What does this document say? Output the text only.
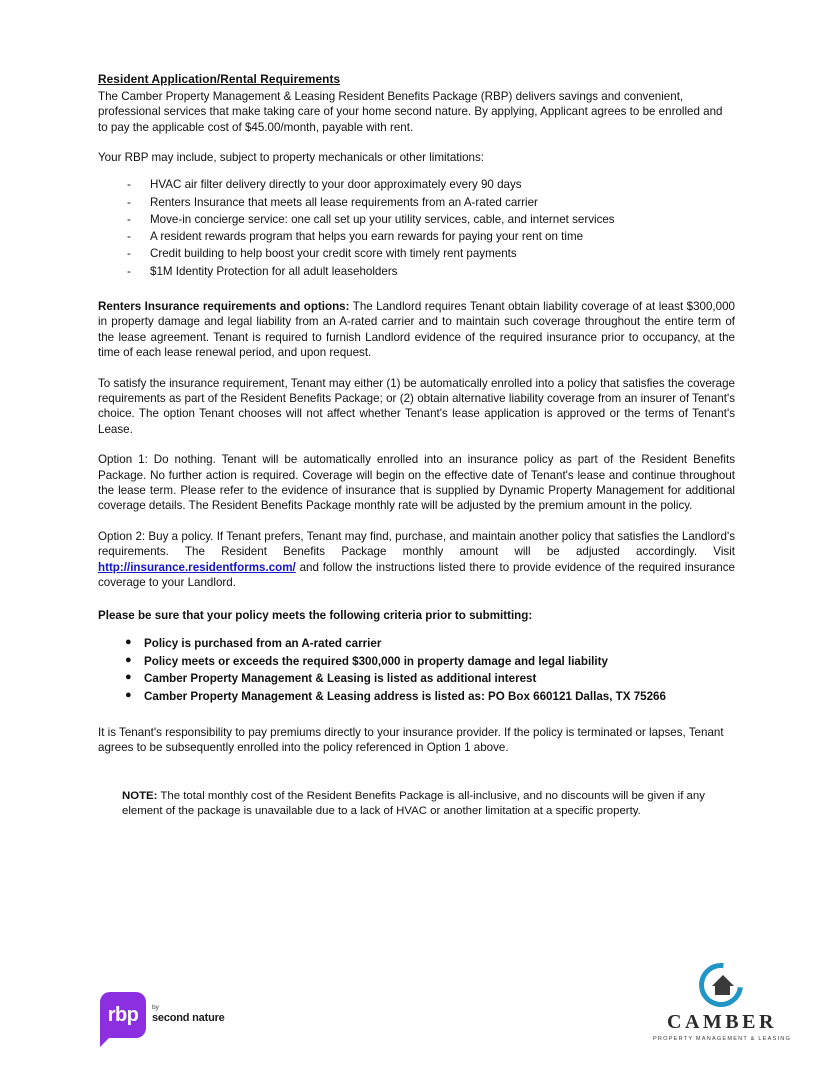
Resident Application/Rental Requirements

The Camber Property Management & Leasing Resident Benefits Package (RBP) delivers savings and convenient, professional services that make taking care of your home second nature. By applying, Applicant agrees to be enrolled and to pay the applicable cost of $45.00/month, payable with rent.

Your RBP may include, subject to property mechanicals or other limitations:

- HVAC air filter delivery directly to your door approximately every 90 days
- Renters Insurance that meets all lease requirements from an A-rated carrier
- Move-in concierge service: one call set up your utility services, cable, and internet services
- A resident rewards program that helps you earn rewards for paying your rent on time
- Credit building to help boost your credit score with timely rent payments
- $1M Identity Protection for all adult leaseholders

Renters Insurance requirements and options: The Landlord requires Tenant obtain liability coverage of at least $300,000 in property damage and legal liability from an A-rated carrier and to maintain such coverage throughout the entire term of the lease agreement. Tenant is required to furnish Landlord evidence of the required insurance prior to occupancy, at the time of each lease renewal period, and upon request.

To satisfy the insurance requirement, Tenant may either (1) be automatically enrolled into a policy that satisfies the coverage requirements as part of the Resident Benefits Package; or (2) obtain alternative liability coverage from an insurer of Tenant's choice. The option Tenant chooses will not affect whether Tenant's lease application is approved or the terms of Tenant's Lease.

Option 1: Do nothing. Tenant will be automatically enrolled into an insurance policy as part of the Resident Benefits Package. No further action is required. Coverage will begin on the effective date of Tenant's lease and continue throughout the lease term. Please refer to the evidence of insurance that is supplied by Dynamic Property Management for additional coverage details. The Resident Benefits Package monthly rate will be adjusted by the premium amount in the policy.

Option 2: Buy a policy. If Tenant prefers, Tenant may find, purchase, and maintain another policy that satisfies the Landlord's requirements. The Resident Benefits Package monthly amount will be adjusted accordingly. Visit http://insurance.residentforms.com/ and follow the instructions listed there to provide evidence of the required insurance coverage to your Landlord.

Please be sure that your policy meets the following criteria prior to submitting:

● Policy is purchased from an A-rated carrier
● Policy meets or exceeds the required $300,000 in property damage and legal liability
● Camber Property Management & Leasing is listed as additional interest
● Camber Property Management & Leasing address is listed as: PO Box 660121 Dallas, TX 75266

It is Tenant's responsibility to pay premiums directly to your insurance provider. If the policy is terminated or lapses, Tenant agrees to be subsequently enrolled into the policy referenced in Option 1 above.

NOTE: The total monthly cost of the Resident Benefits Package is all-inclusive, and no discounts will be given if any element of the package is unavailable due to a lack of HVAC or another limitation at a specific property.
rbp by
second nature	CAMBER
PROPERTY MANAGEMENT & LEASING
